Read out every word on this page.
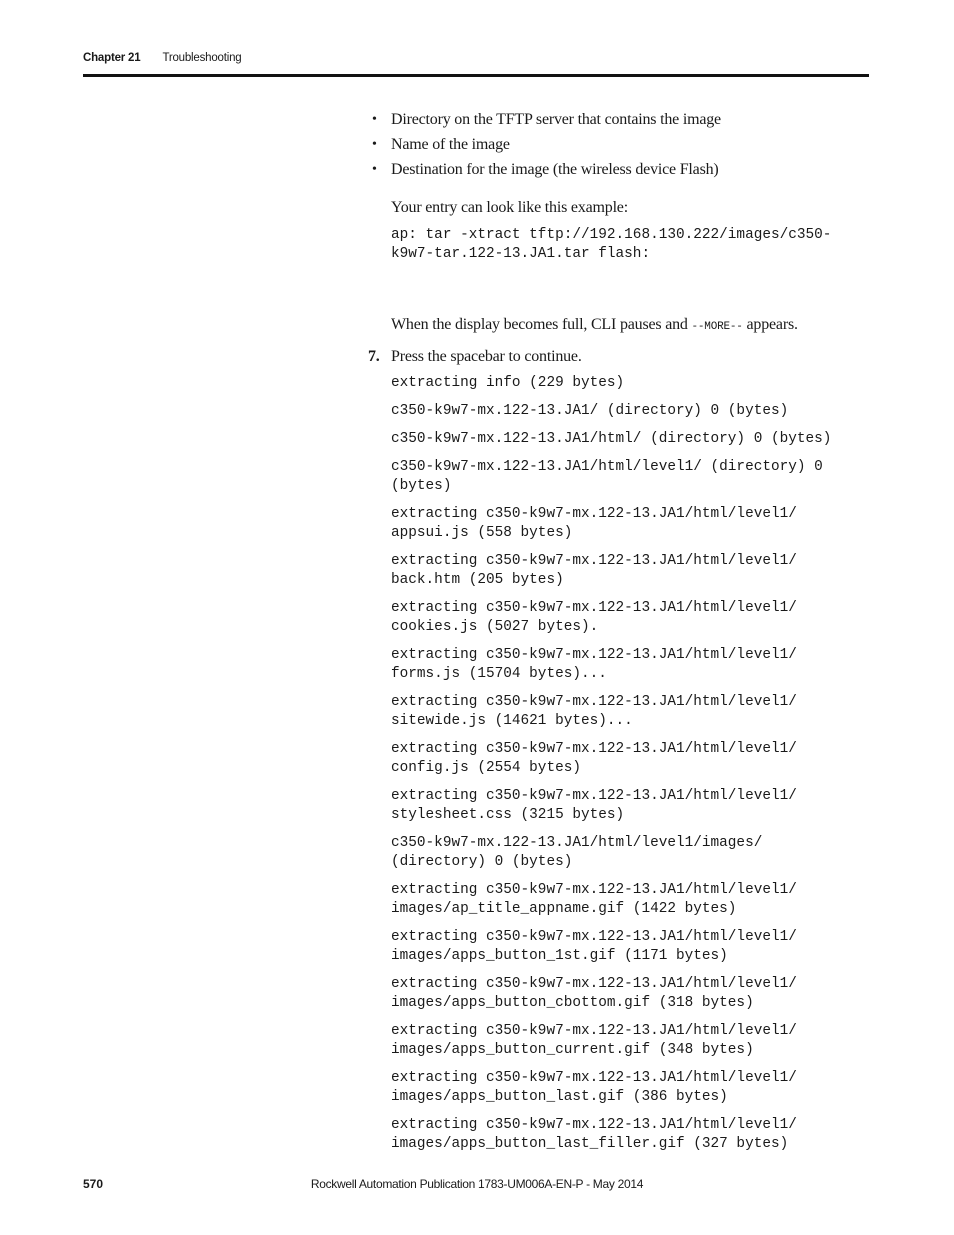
Chapter 21 Troubleshooting
• Directory on the TFTP server that contains the image
• Name of the image
• Destination for the image (the wireless device Flash)
Your entry can look like this example:
ap: tar -xtract tftp://192.168.130.222/images/c350-
k9w7-tar.122-13.JA1.tar flash:
When the display becomes full, CLI pauses and --MORE-- appears.
7. Press the spacebar to continue.
extracting info (229 bytes)
c350-k9w7-mx.122-13.JA1/ (directory) 0 (bytes)
c350-k9w7-mx.122-13.JA1/html/ (directory) 0 (bytes)
c350-k9w7-mx.122-13.JA1/html/level1/ (directory) 0
(bytes)
extracting c350-k9w7-mx.122-13.JA1/html/level1/
appsui.js (558 bytes)
extracting c350-k9w7-mx.122-13.JA1/html/level1/
back.htm (205 bytes)
extracting c350-k9w7-mx.122-13.JA1/html/level1/
cookies.js (5027 bytes).
extracting c350-k9w7-mx.122-13.JA1/html/level1/
forms.js (15704 bytes)...
extracting c350-k9w7-mx.122-13.JA1/html/level1/
sitewide.js (14621 bytes)...
extracting c350-k9w7-mx.122-13.JA1/html/level1/
config.js (2554 bytes)
extracting c350-k9w7-mx.122-13.JA1/html/level1/
stylesheet.css (3215 bytes)
c350-k9w7-mx.122-13.JA1/html/level1/images/
(directory) 0 (bytes)
extracting c350-k9w7-mx.122-13.JA1/html/level1/
images/ap_title_appname.gif (1422 bytes)
extracting c350-k9w7-mx.122-13.JA1/html/level1/
images/apps_button_1st.gif (1171 bytes)
extracting c350-k9w7-mx.122-13.JA1/html/level1/
images/apps_button_cbottom.gif (318 bytes)
extracting c350-k9w7-mx.122-13.JA1/html/level1/
images/apps_button_current.gif (348 bytes)
extracting c350-k9w7-mx.122-13.JA1/html/level1/
images/apps_button_last.gif (386 bytes)
extracting c350-k9w7-mx.122-13.JA1/html/level1/
images/apps_button_last_filler.gif (327 bytes)
570	Rockwell Automation Publication 1783-UM006A-EN-P - May 2014
